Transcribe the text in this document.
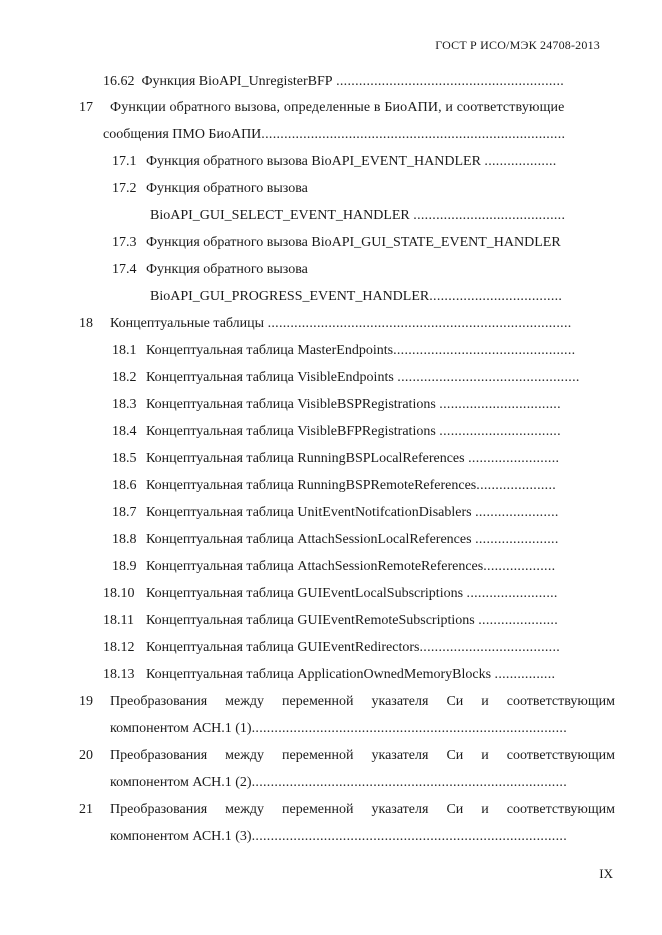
ГОСТ Р ИСО/МЭК 24708-2013
16.62 Функция BioAPI_UnregisterBFP ............................................................
17 Функции обратного вызова, определенные в БиоАПИ, и соответствующие
сообщения ПМО БиоАПИ................................................................................
17.1 Функция обратного вызова BioAPI_EVENT_HANDLER ...................
17.2 Функция обратного вызова
BioAPI_GUI_SELECT_EVENT_HANDLER ........................................
17.3 Функция обратного вызова BioAPI_GUI_STATE_EVENT_HANDLER
17.4 Функция обратного вызова
BioAPI_GUI_PROGRESS_EVENT_HANDLER...................................
18 Концептуальные таблицы ................................................................................
18.1 Концептуальная таблица MasterEndpoints................................................
18.2 Концептуальная таблица VisibleEndpoints ................................................
18.3 Концептуальная таблица VisibleBSPRegistrations ................................
18.4 Концептуальная таблица VisibleBFPRegistrations ................................
18.5 Концептуальная таблица RunningBSPLocalReferences ........................
18.6 Концептуальная таблица RunningBSPRemoteReferences.....................
18.7 Концептуальная таблица UnitEventNotifcationDisablers ......................
18.8 Концептуальная таблица AttachSessionLocalReferences ......................
18.9 Концептуальная таблица AttachSessionRemoteReferences...................
18.10 Концептуальная таблица GUIEventLocalSubscriptions ........................
18.11 Концептуальная таблица GUIEventRemoteSubscriptions .....................
18.12 Концептуальная таблица GUIEventRedirectors.....................................
18.13 Концептуальная таблица ApplicationOwnedMemoryBlocks ................
19 Преобразования между переменной указателя Си и соответствующим
компонентом АСН.1 (1)...................................................................................
20 Преобразования между переменной указателя Си и соответствующим
компонентом АСН.1 (2)...................................................................................
21 Преобразования между переменной указателя Си и соответствующим
компонентом АСН.1 (3)...................................................................................
IX
